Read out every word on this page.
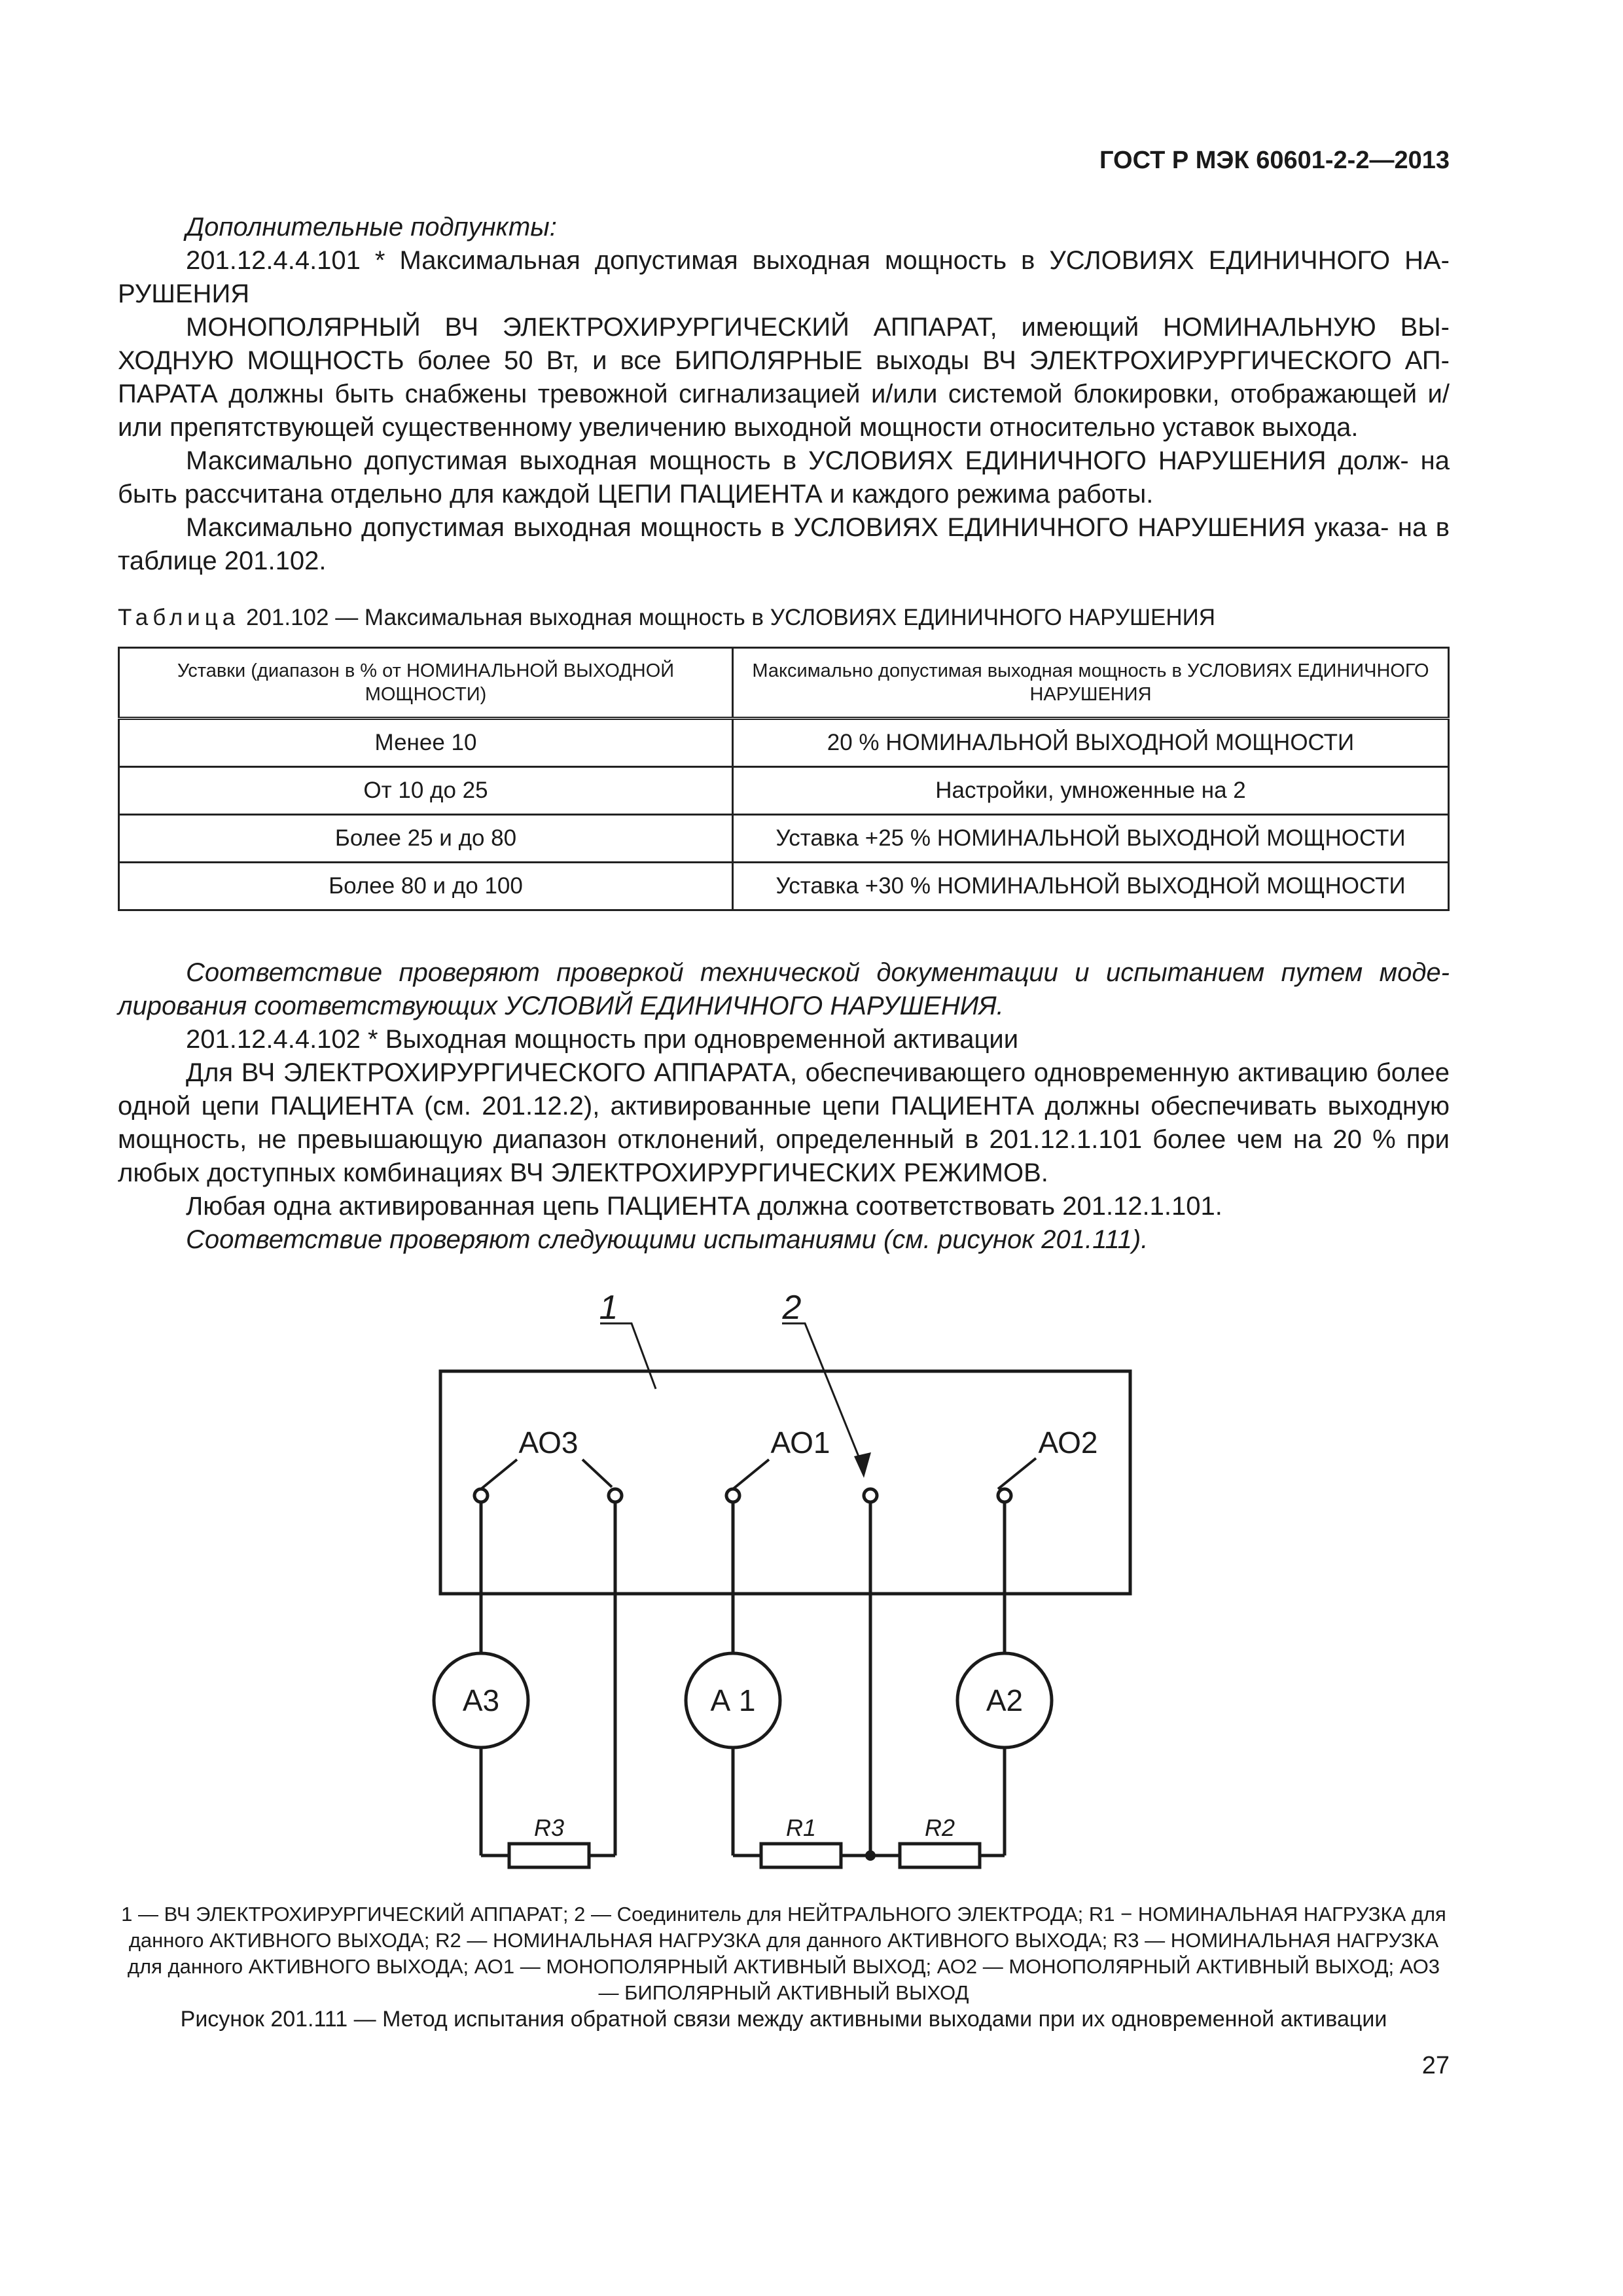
ГОСТ Р МЭК 60601-2-2—2013

Дополнительные подпункты:

201.12.4.4.101 * Максимальная допустимая выходная мощность в УСЛОВИЯХ ЕДИНИЧНОГО НА- РУШЕНИЯ

МОНОПОЛЯРНЫЙ ВЧ ЭЛЕКТРОХИРУРГИЧЕСКИЙ АППАРАТ, имеющий НОМИНАЛЬНУЮ ВЫ- ХОДНУЮ МОЩНОСТЬ более 50 Вт, и все БИПОЛЯРНЫЕ выходы ВЧ ЭЛЕКТРОХИРУРГИЧЕСКОГО АП- ПАРАТА должны быть снабжены тревожной сигнализацией и/или системой блокировки, отображающей и/или препятствующей существенному увеличению выходной мощности относительно уставок выхода.

Максимально допустимая выходная мощность в УСЛОВИЯХ ЕДИНИЧНОГО НАРУШЕНИЯ долж- на быть рассчитана отдельно для каждой ЦЕПИ ПАЦИЕНТА и каждого режима работы.

Максимально допустимая выходная мощность в УСЛОВИЯХ ЕДИНИЧНОГО НАРУШЕНИЯ указа- на в таблице 201.102.

Таблица 201.102 — Максимальная выходная мощность в УСЛОВИЯХ ЕДИНИЧНОГО НАРУШЕНИЯ
Уставки (диапазон в % от НОМИНАЛЬНОЙ ВЫХОДНОЙ МОЩНОСТИ)	Максимально допустимая выходная мощность в УСЛОВИЯХ ЕДИНИЧНОГО НАРУШЕНИЯ
Менее 10	20 % НОМИНАЛЬНОЙ ВЫХОДНОЙ МОЩНОСТИ
От 10 до 25	Настройки, умноженные на 2
Более 25 и до 80	Уставка +25 % НОМИНАЛЬНОЙ ВЫХОДНОЙ МОЩНОСТИ
Более 80 и до 100	Уставка +30 % НОМИНАЛЬНОЙ ВЫХОДНОЙ МОЩНОСТИ

Соответствие проверяют проверкой технической документации и испытанием путем моде- лирования соответствующих УСЛОВИЙ ЕДИНИЧНОГО НАРУШЕНИЯ.

201.12.4.4.102 * Выходная мощность при одновременной активации

Для ВЧ ЭЛЕКТРОХИРУРГИЧЕСКОГО АППАРАТА, обеспечивающего одновременную активацию более одной цепи ПАЦИЕНТА (см. 201.12.2), активированные цепи ПАЦИЕНТА должны обеспечивать выходную мощность, не превышающую диапазон отклонений, определенный в 201.12.1.101 более чем на 20 % при любых доступных комбинациях ВЧ ЭЛЕКТРОХИРУРГИЧЕСКИХ РЕЖИМОВ.

Любая одна активированная цепь ПАЦИЕНТА должна соответствовать 201.12.1.101.

Соответствие проверяют следующими испытаниями (см. рисунок 201.111).

1	2
АО3	АО1	АО2
А3	А 1	А2
R3	R1	R2
1 — ВЧ ЭЛЕКТРОХИРУРГИЧЕСКИЙ АППАРАТ; 2 — Соединитель для НЕЙТРАЛЬНОГО ЭЛЕКТРОДА; R1 − НОМИНАЛЬНАЯ НАГРУЗКА для данного АКТИВНОГО ВЫХОДА; R2 — НОМИНАЛЬНАЯ НАГРУЗКА для данного АКТИВНОГО ВЫХОДА; R3 — НОМИНАЛЬНАЯ НАГРУЗКА для данного АКТИВНОГО ВЫХОДА; АО1 — МОНОПОЛЯРНЫЙ АКТИВНЫЙ ВЫХОД; АО2 — МОНОПОЛЯРНЫЙ АКТИВНЫЙ ВЫХОД; АО3 — БИПОЛЯРНЫЙ АКТИВНЫЙ ВЫХОД
Рисунок 201.111 — Метод испытания обратной связи между активными выходами при их одновременной активации
27
